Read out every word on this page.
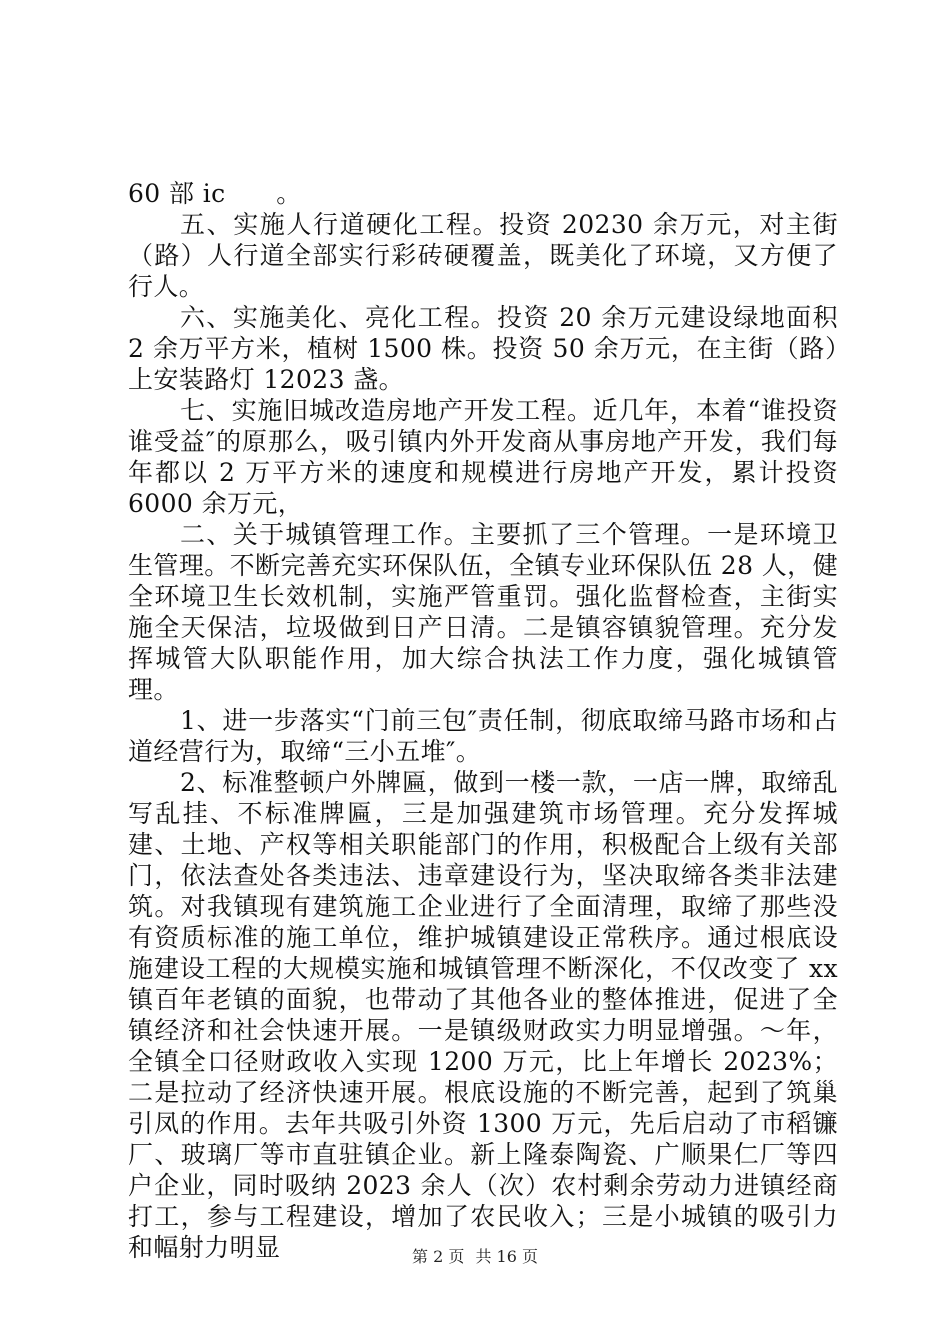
60 部 ic　　。

五、实施人行道硬化工程。投资 20230 余万元，对主街（路）人行道全部实行彩砖硬覆盖，既美化了环境，又方便了行人。

六、实施美化、亮化工程。投资 20 余万元建设绿地面积 2 余万平方米，植树 1500 株。投资 50 余万元，在主街（路）上安装路灯 12023 盏。

七、实施旧城改造房地产开发工程。近几年，本着“谁投资谁受益″的原那么，吸引镇内外开发商从事房地产开发，我们每年都以 2 万平方米的速度和规模进行房地产开发，累计投资 6000 余万元，

二、关于城镇管理工作。主要抓了三个管理。一是环境卫生管理。不断完善充实环保队伍，全镇专业环保队伍 28 人，健全环境卫生长效机制，实施严管重罚。强化监督检查，主街实施全天保洁，垃圾做到日产日清。二是镇容镇貌管理。充分发挥城管大队职能作用，加大综合执法工作力度，强化城镇管理。

1、进一步落实“门前三包″责任制，彻底取缔马路市场和占道经营行为，取缔“三小五堆″。

2、标准整顿户外牌匾，做到一楼一款，一店一牌，取缔乱写乱挂、不标准牌匾，三是加强建筑市场管理。充分发挥城建、土地、产权等相关职能部门的作用，积极配合上级有关部门，依法查处各类违法、违章建设行为，坚决取缔各类非法建筑。对我镇现有建筑施工企业进行了全面清理，取缔了那些没有资质标准的施工单位，维护城镇建设正常秩序。通过根底设施建设工程的大规模实施和城镇管理不断深化，不仅改变了 xx 镇百年老镇的面貌，也带动了其他各业的整体推进，促进了全镇经济和社会快速开展。一是镇级财政实力明显增强。～年，全镇全口径财政收入实现 1200 万元，比上年增长 2023%；二是拉动了经济快速开展。根底设施的不断完善，起到了筑巢引凤的作用。去年共吸引外资 1300 万元，先后启动了市稻镰厂、玻璃厂等市直驻镇企业。新上隆泰陶瓷、广顺果仁厂等四户企业，同时吸纳 2023 余人（次）农村剩余劳动力进镇经商打工，参与工程建设，增加了农民收入；三是小城镇的吸引力和幅射力明显	第 2 页 共 16 页
